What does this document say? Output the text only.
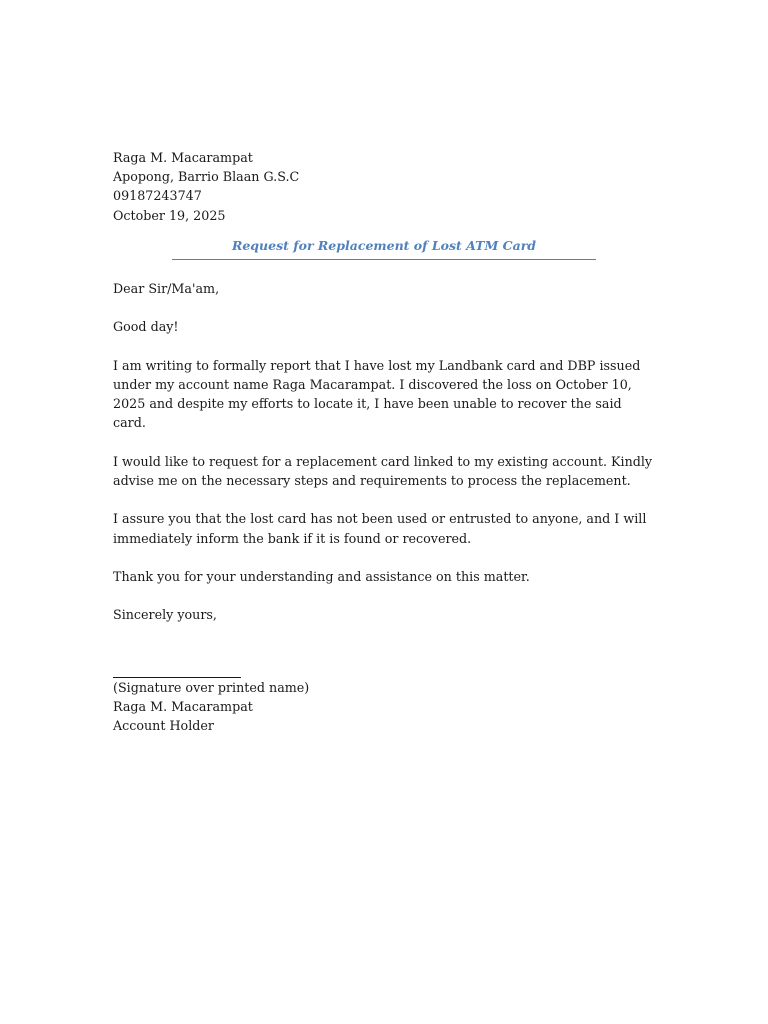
Raga M. Macarampat

Apopong, Barrio Blaan G.S.C

09187243747

October 19, 2025

Request for Replacement of Lost ATM Card

Dear Sir/Ma'am,

Good day!

I am writing to formally report that I have lost my Landbank card and DBP issued under my account name Raga Macarampat. I discovered the loss on October 10, 2025 and despite my efforts to locate it, I have been unable to recover the said card.

I would like to request for a replacement card linked to my existing account. Kindly advise me on the necessary steps and requirements to process the replacement.

I assure you that the lost card has not been used or entrusted to anyone, and I will immediately inform the bank if it is found or recovered.

Thank you for your understanding and assistance on this matter.

Sincerely yours,

(Signature over printed name)

Raga M. Macarampat

Account Holder
